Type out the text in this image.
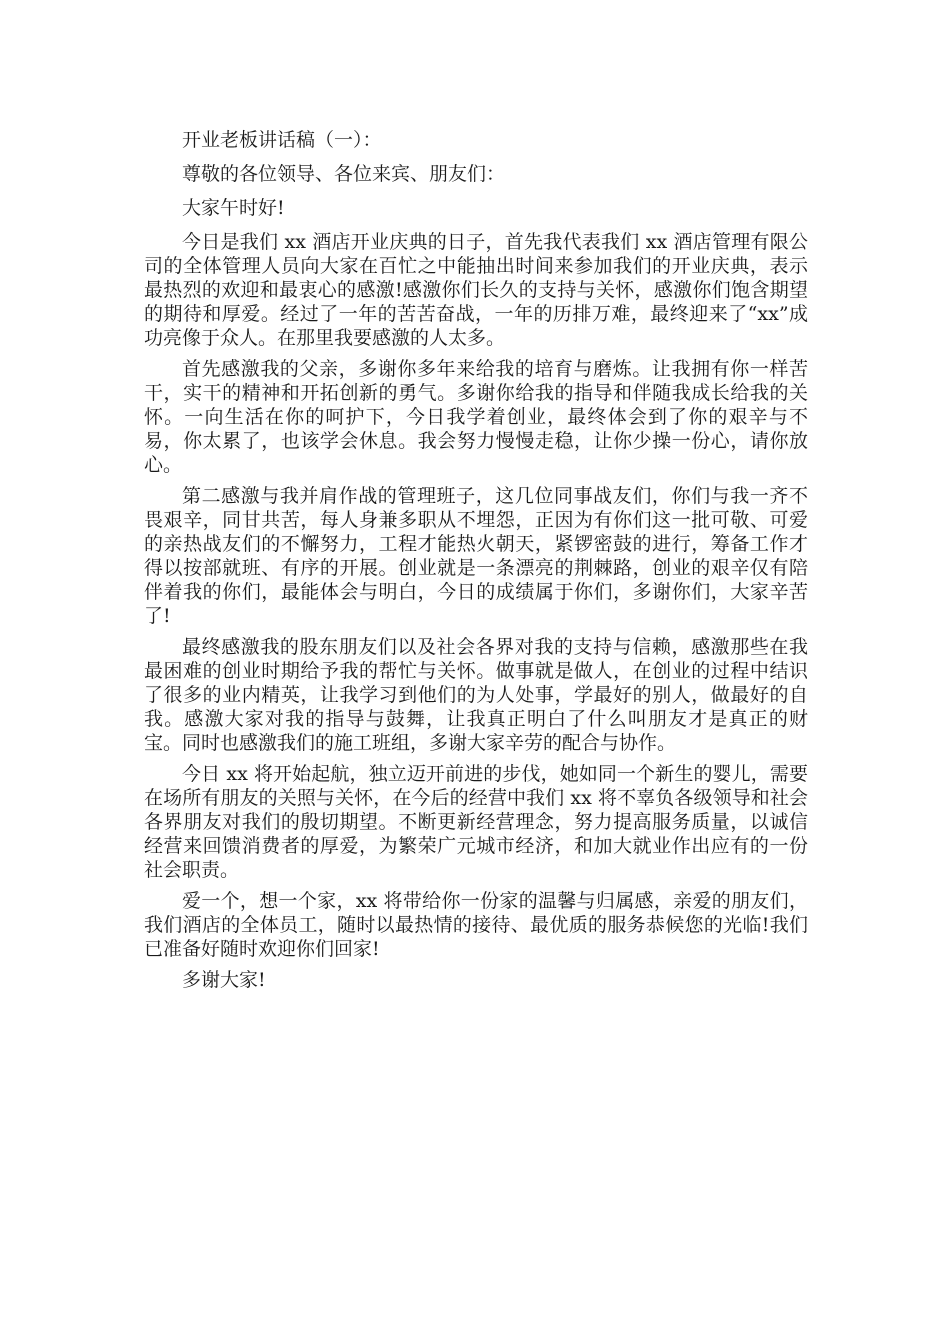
开业老板讲话稿（一）：

尊敬的各位领导、各位来宾、朋友们：

大家午时好!

今日是我们 xx 酒店开业庆典的日子，首先我代表我们 xx 酒店管理有限公司的全体管理人员向大家在百忙之中能抽出时间来参加我们的开业庆典，表示最热烈的欢迎和最衷心的感激!感激你们长久的支持与关怀，感激你们饱含期望的期待和厚爱。经过了一年的苦苦奋战，一年的历排万难，最终迎来了“xx”成功亮像于众人。在那里我要感激的人太多。

首先感激我的父亲，多谢你多年来给我的培育与磨炼。让我拥有你一样苦干，实干的精神和开拓创新的勇气。多谢你给我的指导和伴随我成长给我的关怀。一向生活在你的呵护下，今日我学着创业，最终体会到了你的艰辛与不易，你太累了，也该学会休息。我会努力慢慢走稳，让你少操一份心，请你放心。

第二感激与我并肩作战的管理班子，这几位同事战友们，你们与我一齐不畏艰辛，同甘共苦，每人身兼多职从不埋怨，正因为有你们这一批可敬、可爱的亲热战友们的不懈努力，工程才能热火朝天，紧锣密鼓的进行，筹备工作才得以按部就班、有序的开展。创业就是一条漂亮的荆棘路，创业的艰辛仅有陪伴着我的你们，最能体会与明白，今日的成绩属于你们，多谢你们，大家辛苦了!

最终感激我的股东朋友们以及社会各界对我的支持与信赖，感激那些在我最困难的创业时期给予我的帮忙与关怀。做事就是做人，在创业的过程中结识了很多的业内精英，让我学习到他们的为人处事，学最好的别人，做最好的自我。感激大家对我的指导与鼓舞，让我真正明白了什么叫朋友才是真正的财宝。同时也感激我们的施工班组，多谢大家辛劳的配合与协作。

今日 xx 将开始起航，独立迈开前进的步伐，她如同一个新生的婴儿，需要在场所有朋友的关照与关怀，在今后的经营中我们 xx 将不辜负各级领导和社会各界朋友对我们的殷切期望。不断更新经营理念，努力提高服务质量，以诚信经营来回馈消费者的厚爱，为繁荣广元城市经济，和加大就业作出应有的一份社会职责。

爱一个，想一个家，xx 将带给你一份家的温馨与归属感，亲爱的朋友们，我们酒店的全体员工，随时以最热情的接待、最优质的服务恭候您的光临!我们已准备好随时欢迎你们回家!

多谢大家!
